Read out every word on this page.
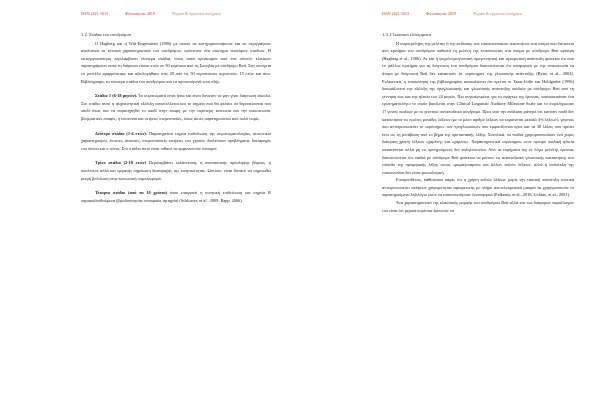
ISSN 2421-1613	Φιλοπαίγνια, 2019	Ψυχικά & οργανικά νοσήματα
1.2. Στάδια του συνδρόμου

Ο Hagberg και η Witt-Engerström (1986) με σκοπό να κατηγοριοποιήσουν και να περιγράψουν αναλυτικά τα κλινικά χαρακτηριστικά του συνδρόμου, πρότειναν ένα σύστημα τεσσάρων σταδίων. Η κατηγοριοποίηση περιλαμβάνει τέσσερα στάδια, όπως αυτά προέκυψαν από ένα σύνολο κλινικών παρατηρήσεων κατά τη διάρκεια είκοσι ετών σε 50 κορίτσια από τη Σουηδία με σύνδρομο Rett. Στη συνέχεια το μοντέλο εφαρμόστηκε και αξιολογήθηκε στις 29 από τις 50 περιπτώσεις κοριτσιών, 15 ετών και άνω. Βιβλιόγραφο, τα τέσσερα στάδια του συνδρόμου και τα προτεινόμενά τους εξής:

Στάδιο 1 (6-18 μηνών). Τα συμπτώματα είναι ήπια και είναι δυνατόν να μην γίνει διάγνωση εύκολα. Στο στάδιο αυτό η ψυχοκινητική εξέλιξη αναστέλλεται και το σημείο που θα φτάσει να θεραπεύονται που παιδί όπως και να παρατηρηθεί το παιδί στην επαφή με την ευρύτερη κοινωνία και την επικοινωνία, βλεμματικές επαφές, η υποτονία και οι ήπιες στερεοτυπίες, όπως αυτές παρατηρούνται από πολύ νωρίς.

Δεύτερο στάδιο (1-4 ετών). Παρατηρείται ταχεία επιδείνωση της συμπτωματολογίας, αυτιστικοί χαρακτηρισμοί, έντονες, άσκοπες, στερεοτυπικές κινήσεις των χεριών, διαλείπουν προβλήματα, διαταραχές του ύπνου και ο πόνος. Στο στάδιο αυτό είναι πιθανό να εμφανιστούν σπασμοί.

Τρίτο στάδιο (2-10 ετών) Περιλαμβάνει ταλάντευση, η αναπαυτικής πρόσληψης βάρους, η υπολίπτος αλλά και εμφανής σημείωση διαταραχής της κινητικότητας. Ωστόσο, είναι δυνατό να σημειωθεί μικρή βελτίωση στην κοινωνική συμπεριφορά.

Τέταρτο στάδιο (από τα 10 χρόνια) όπου επικρατεί η κινητική επιδείνωση και σημεία Β παρακολουθούμενα (βρωδοκινησία, αναυμαία, αρτηρία) (Schlosser, et al., 2009. Rapp, 2006).

ISSN 2421-1613	Φιλοπαίγνια, 2019	Ψυχικά & οργανικά νοσήματα
1.3. Γλωσσικό ελλείμματα

Η συμπερίληψη της μελέτης ή της επίδοσης των επικοινωνιακών ικανοτήτων στα ατόμα που διέπονται από κριτήρια του συνδρόμου καθιστά τη μελέτη της επικοινωνίας στα άτομα με σύνδρομο Rett κρίσιμη (Hagberg et al., 1986). Αν και η ψυχολογική/οπτική προγεννητική και αγκυροτική ανάπτυξη φαίνεται ότι από το μάλλον κριτήρια για τη διάγνωση του συνδρόμου διαπιστώνεται ότι αναφορικά με την επικοινωνία τα άτομα με διάγνωση Rett δεν κατακτούν τα «ορόσημα» της γλωσσικής ανάπτυξης (Ryan, et al., 2004). Ενδεικτικά, η επισκόπηση της βιβλιογραφίας αποκαλύπτει ότι πρώτοι οι Tams-Little και Holdgrafer (1996) δοκιμάζονται την εξέλιξη της προγλωσσικής και γλωσσικής ανάπτυξης παιδιών με σύνδρομο Rett από τη γέννηση έως και την ηλικία των 24 μηνών. Πιο συγκεκριμένα, για τις ανάγκες της έρευνας, κατασκευάσαν ένα ερωτηματολόγιο το οποίο βασίζεται στην Clinical Linguistic Auditory Milestone Scale και το συμπλήρωσαν 17 γονείς παιδιών με το γενετικό συναποδεικό σύνδρομο. Προς από την ανάλυση φάνηκε ότι κατόπιν παιδί δεν κατέκτησαν τις πρώτες μονάδες λέξεων (με το μέσο αριθμό λέξεων να κυμαίνεται μεταξύ 4-6 λέξεων), γεγονός που αντιπροσωπεύει το «ορόσημο» των προγλωσσικών που εμφανίζονται προς και τα 38 λέξεις που πρέπει έτσι ως τη μετάβαση από το βήμα της προτασιακής λέξης. Συνολικά, τα παιδιά χρησιμοποιούσαν ένα χωρίς διάκριση χρήση λέξεων «χαμένη» και «χαμένη». Χαρακτηριστικά «ορόσημα» στον πρώιμο παιδική ηλικία κατακτάνται αλλά μη τις προηγούμενες δεν εκδηλώνονται. Από τα ευρήματα της εν λόγω μελέτης έρευνας διαπιστώνεται ότι παιδιά με σύνδρομο Rett φαίνεται να μένουν τις αναπτυξιακό γλωσσικής κατάκτησης στο επίπεδο της προφορικής λέξης στους «μαμά/μπαμπά» και άλλων απλών λέξεων, αλλά η ανάπτυξη της επικοινωνίας δεν είναι φυσιολογική.

Επιπροσθέτως, καθίσταται σαφές ότι η χρήση απλών λέξεων χωρίς την ταυτική ανάπτυξη ταυτικά αντιπροσωπεύει σκέψεων χρησιμότητας αφαιρετικής με πλήρο αποτελεσματικά μακριά να χρησιμοποιούν το παρατηρούμενο λεξιλόγιο ώστε να επικοινωνήσουν λειτουργικά (Pelkerny, et al., 2016. Uchino, et al., 2001).

Ένα χαρακτηριστικό της κλασσικής μορφής του συνδρόμου Rett αλλά και των διάφορων παραλλαγών του είναι ότι μερικά κορίτσια ξεκινούν να
